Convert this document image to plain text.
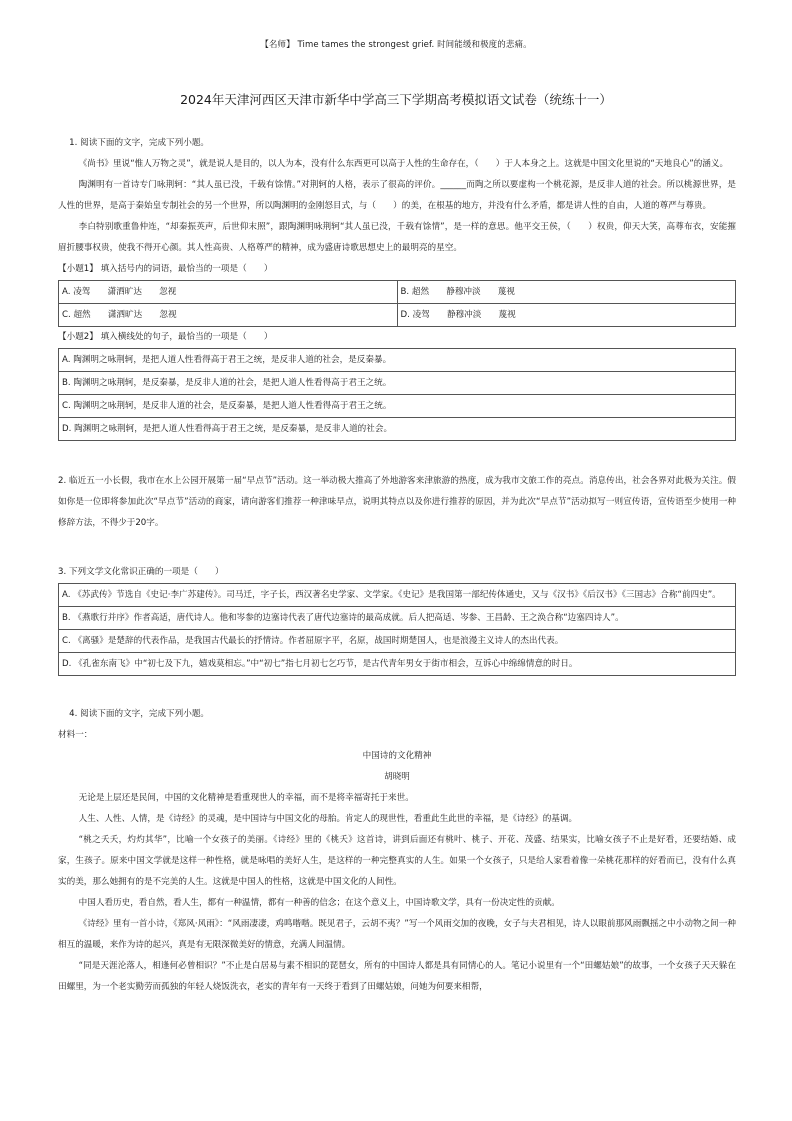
【名师】 Time tames the strongest grief. 时间能缓和极度的悲痛。
2024年天津河西区天津市新华中学高三下学期高考模拟语文试卷（统练十一）

1. 阅读下面的文字，完成下列小题。

《尚书》里说“惟人万物之灵”，就是说人是目的，以人为本，没有什么东西更可以高于人性的生命存在，（　　）于人本身之上。这就是中国文化里说的“天地良心”的涵义。

陶渊明有一首诗专门咏荆轲：“其人虽已没，千载有馀情。”对荆轲的人格，表示了很高的评价。______而陶之所以要虚构一个桃花源，是反非人道的社会。所以桃源世界，是人性的世界，是高于秦始皇专制社会的另一个世界，所以陶渊明的金刚怒目式，与（　　）的美，在根基的地方，并没有什么矛盾，都是讲人性的自由，人道的尊严与尊贵。

李白特别歌重鲁仲连，“却秦振英声，后世仰末照”，跟陶渊明咏荆轲“其人虽已没，千载有馀情”，是一样的意思。他平交王侯，（　　）权贵，仰天大笑，高尊布衣，安能摧眉折腰事权贵，使我不得开心颜。其人性高贵、人格尊严的精神，成为盛唐诗歌思想史上的最明亮的星空。

【小题1】 填入括号内的词语，最恰当的一项是（　　）

A. 凌驾　　潇洒旷达　　忽视	B. 超然　　静穆冲淡　　蔑视
C. 超然　　潇洒旷达　　忽视	D. 凌驾　　静穆冲淡　　蔑视

【小题2】 填入横线处的句子，最恰当的一项是（　　）

A. 陶渊明之咏荆轲，是把人道人性看得高于君王之统，是反非人道的社会，是反秦暴。
B. 陶渊明之咏荆轲，是反秦暴，是反非人道的社会，是把人道人性看得高于君王之统。
C. 陶渊明之咏荆轲，是反非人道的社会，是反秦暴，是把人道人性看得高于君王之统。
D. 陶渊明之咏荆轲，是把人道人性看得高于君王之统，是反秦暴，是反非人道的社会。

2. 临近五一小长假，我市在水上公园开展第一届“早点节”活动。这一举动极大推高了外地游客来津旅游的热度，成为我市文旅工作的亮点。消息传出，社会各界对此极为关注。假如你是一位即将参加此次“早点节”活动的商家，请向游客们推荐一种津味早点，说明其特点以及你进行推荐的原因，并为此次“早点节”活动拟写一则宣传语，宣传语至少使用一种修辞方法，不得少于20字。

3. 下列文学文化常识正确的一项是（　　）

A. 《苏武传》节选自《史记·李广苏建传》。司马迁，字子长，西汉著名史学家、文学家。《史记》是我国第一部纪传体通史，又与《汉书》《后汉书》《三国志》合称“前四史”。
B. 《燕歌行并序》作者高适，唐代诗人。他和岑参的边塞诗代表了唐代边塞诗的最高成就。后人把高适、岑参、王昌龄、王之涣合称“边塞四诗人”。
C. 《离骚》是楚辞的代表作品，是我国古代最长的抒情诗。作者屈原字平，名原，战国时期楚国人，也是浪漫主义诗人的杰出代表。
D. 《孔雀东南飞》中“初七及下九，嬉戏莫相忘。”中“初七”指七月初七乞巧节，是古代青年男女于街市相会，互诉心中绵绵情意的时日。

4. 阅读下面的文字，完成下列小题。

材料一：

中国诗的文化精神

胡晓明

无论是上层还是民间，中国的文化精神是看重现世人的幸福，而不是将幸福寄托于来世。

人生、人性、人情，是《诗经》的灵魂，是中国诗与中国文化的母胎。肯定人的现世性，看重此生此世的幸福，是《诗经》的基调。

“桃之夭夭，灼灼其华”，比喻一个女孩子的美丽。《诗经》里的《桃夭》这首诗，讲到后面还有桃叶、桃子、开花、茂盛、结果实，比喻女孩子不止是好看，还要结婚、成家，生孩子。原来中国文学就是这样一种性格，就是咏唱的美好人生，是这样的一种完整真实的人生。如果一个女孩子，只是给人家看着像一朵桃花那样的好看而已，没有什么真实的美，那么她拥有的是不完美的人生。这就是中国人的性格，这就是中国文化的人间性。

中国人看历史，看自然，看人生，都有一种温情，都有一种善的信念；在这个意义上，中国诗歌文学，具有一份决定性的贡献。

《诗经》里有一首小诗，《郑风·风雨》：“风雨凄凄，鸡鸣喈喈。既见君子，云胡不夷？”写一个风雨交加的夜晚，女子与夫君相见，诗人以眼前那风雨飘摇之中小动物之间一种相互的温暖，来作为诗的起兴，真是有无限深微美好的情意，充满人间温情。

“同是天涯沦落人，相逢何必曾相识？”不止是白居易与素不相识的琵琶女，所有的中国诗人都是具有同情心的人。笔记小说里有一个“田螺姑娘”的故事，一个女孩子天天躲在田螺里，为一个老实勤劳而孤独的年轻人烧饭洗衣，老实的青年有一天终于看到了田螺姑娘，问她为何要来相帮，
